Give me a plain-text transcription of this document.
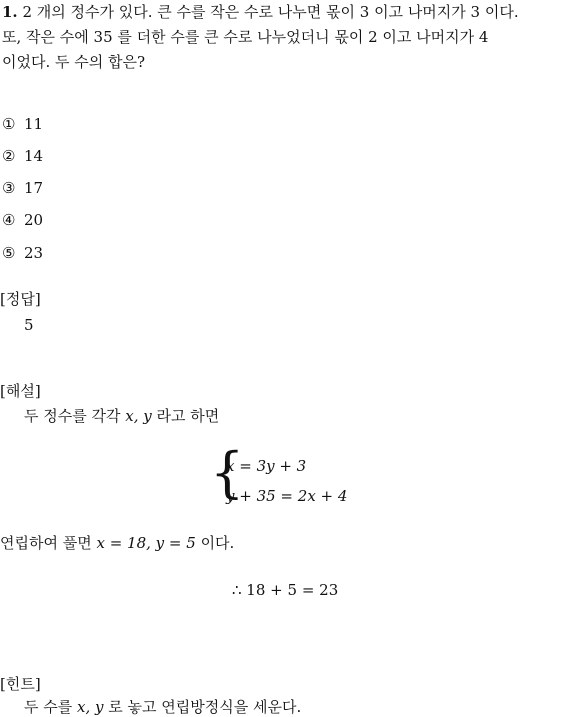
1. 2 개의 정수가 있다. 큰 수를 작은 수로 나누면 몫이 3 이고 나머지가 3 이다.
또, 작은 수에 35 를 더한 수를 큰 수로 나누었더니 몫이 2 이고 나머지가 4
이었다. 두 수의 합은?
① 11
② 14
③ 17
④ 20
⑤ 23
[정답]
5
[해설]
두 정수를 각각 x, y 라고 하면
{
x = 3y + 3
y + 35 = 2x + 4
연립하여 풀면 x = 18, y = 5 이다.
∴ 18 + 5 = 23
[힌트]
두 수를 x, y 로 놓고 연립방정식을 세운다.
